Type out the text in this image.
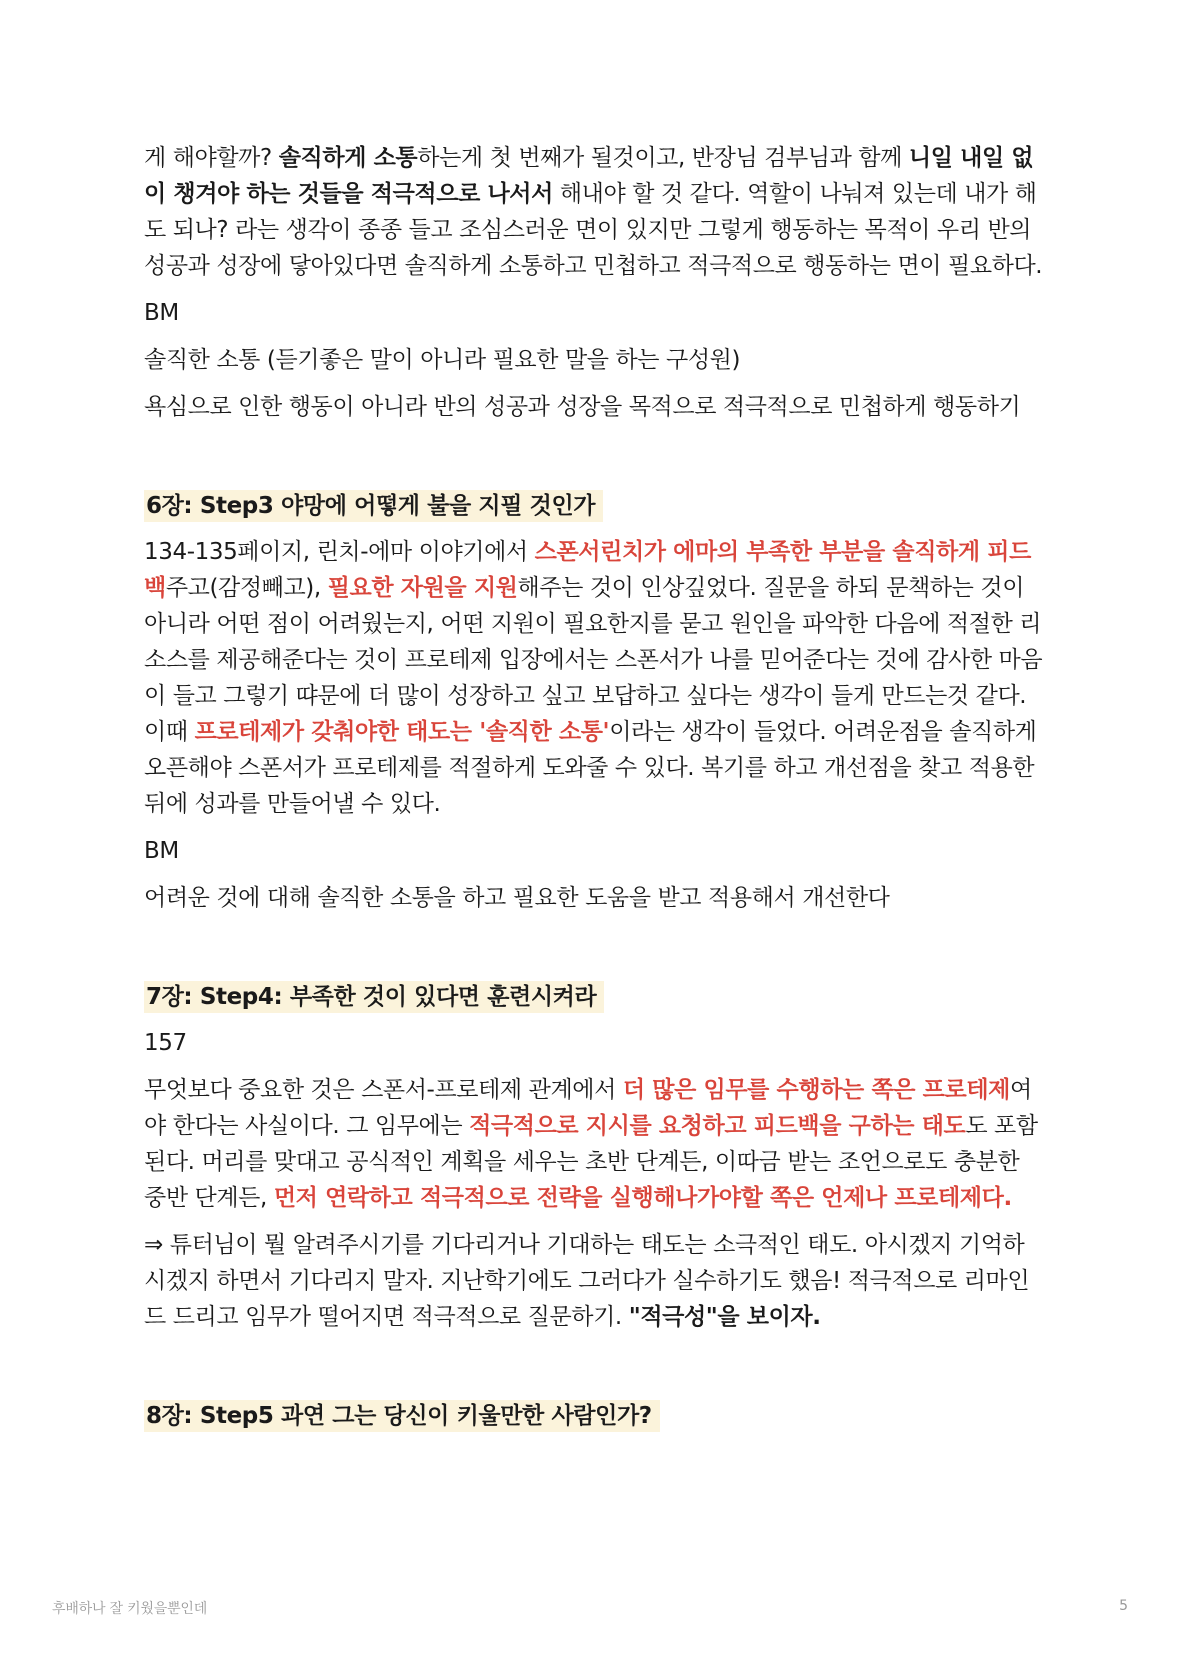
게 해야할까? 솔직하게 소통하는게 첫 번째가 될것이고, 반장님 검부님과 함께 니일 내일 없이 챙겨야 하는 것들을 적극적으로 나서서 해내야 할 것 같다. 역할이 나눠져 있는데 내가 해도 되나? 라는 생각이 종종 들고 조심스러운 면이 있지만 그렇게 행동하는 목적이 우리 반의 성공과 성장에 닿아있다면 솔직하게 소통하고 민첩하고 적극적으로 행동하는 면이 필요하다.

BM

솔직한 소통 (듣기좋은 말이 아니라 필요한 말을 하는 구성원)

욕심으로 인한 행동이 아니라 반의 성공과 성장을 목적으로 적극적으로 민첩하게 행동하기

6장: Step3 야망에 어떻게 불을 지필 것인가

134-135페이지, 린치-에마 이야기에서 스폰서린치가 에마의 부족한 부분을 솔직하게 피드백주고(감정빼고), 필요한 자원을 지원해주는 것이 인상깊었다. 질문을 하되 문책하는 것이 아니라 어떤 점이 어려웠는지, 어떤 지원이 필요한지를 묻고 원인을 파악한 다음에 적절한 리소스를 제공해준다는 것이 프로테제 입장에서는 스폰서가 나를 믿어준다는 것에 감사한 마음이 들고 그렇기 땨문에 더 많이 성장하고 싶고 보답하고 싶다는 생각이 들게 만드는것 같다. 이때 프로테제가 갖춰야한 태도는 '솔직한 소통'이라는 생각이 들었다. 어려운점을 솔직하게 오픈해야 스폰서가 프로테제를 적절하게 도와줄 수 있다. 복기를 하고 개선점을 찾고 적용한 뒤에 성과를 만들어낼 수 있다.

BM

어려운 것에 대해 솔직한 소통을 하고 필요한 도움을 받고 적용해서 개선한다

7장: Step4: 부족한 것이 있다면 훈련시켜라

157

무엇보다 중요한 것은 스폰서-프로테제 관계에서 더 많은 임무를 수행하는 쪽은 프로테제여야 한다는 사실이다. 그 임무에는 적극적으로 지시를 요청하고 피드백을 구하는 태도도 포함된다. 머리를 맞대고 공식적인 계획을 세우는 초반 단계든, 이따금 받는 조언으로도 충분한 중반 단계든, 먼저 연락하고 적극적으로 전략을 실행해나가야할 쪽은 언제나 프로테제다.

⇒ 튜터님이 뭘 알려주시기를 기다리거나 기대하는 태도는 소극적인 태도. 아시겠지 기억하시겠지 하면서 기다리지 말자. 지난학기에도 그러다가 실수하기도 했음! 적극적으로 리마인드 드리고 임무가 떨어지면 적극적으로 질문하기. "적극성"을 보이자.

8장: Step5 과연 그는 당신이 키울만한 사람인가?
후배하나 잘 키웠을뿐인데	5
